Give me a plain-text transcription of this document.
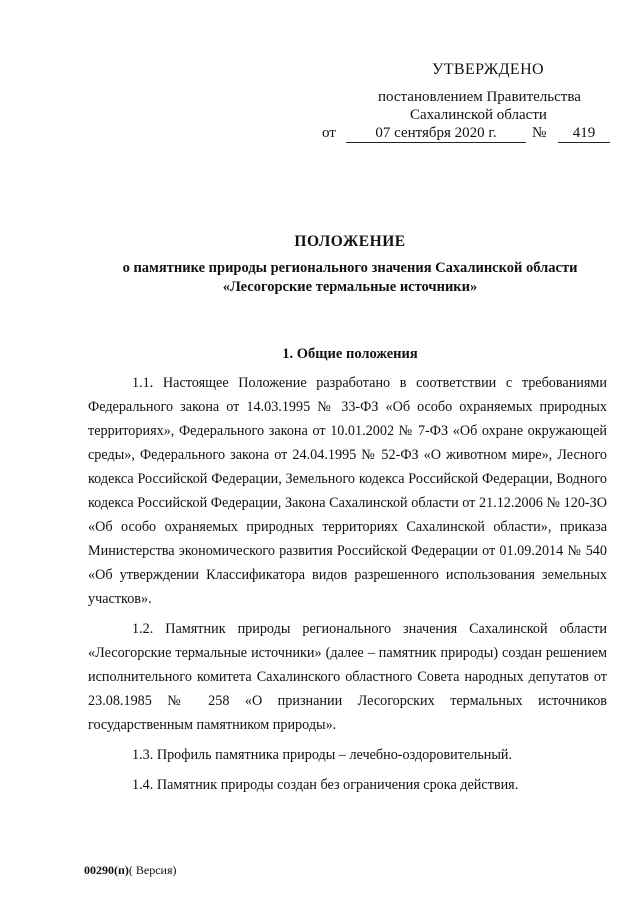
УТВЕРЖДЕНО
постановлением Правительства
Сахалинской области
от	07 сентября 2020 г.	№	419
ПОЛОЖЕНИЕ
о памятнике природы регионального значения Сахалинской области
«Лесогорские термальные источники»
1. Общие положения

1.1. Настоящее Положение разработано в соответствии с требованиями Федерального закона от 14.03.1995 № 33-ФЗ «Об особо охраняемых природных территориях», Федерального закона от 10.01.2002 № 7-ФЗ «Об охране окружающей среды», Федерального закона от 24.04.1995 № 52-ФЗ «О животном мире», Лесного кодекса Российской Федерации, Земельного кодекса Российской Федерации, Водного кодекса Российской Федерации, Закона Сахалинской области от 21.12.2006 № 120-ЗО «Об особо охраняемых природных территориях Сахалинской области», приказа Министерства экономического развития Российской Федерации от 01.09.2014 № 540 «Об утверждении Классификатора видов разрешенного использования земельных участков».

1.2. Памятник природы регионального значения Сахалинской области «Лесогорские термальные источники» (далее – памятник природы) создан решением исполнительного комитета Сахалинского областного Совета народных депутатов от 23.08.1985 № 258 «О признании Лесогорских термальных источников государственным памятником природы».

1.3. Профиль памятника природы – лечебно-оздоровительный.

1.4. Памятник природы создан без ограничения срока действия.

00290(п)( Версия)
